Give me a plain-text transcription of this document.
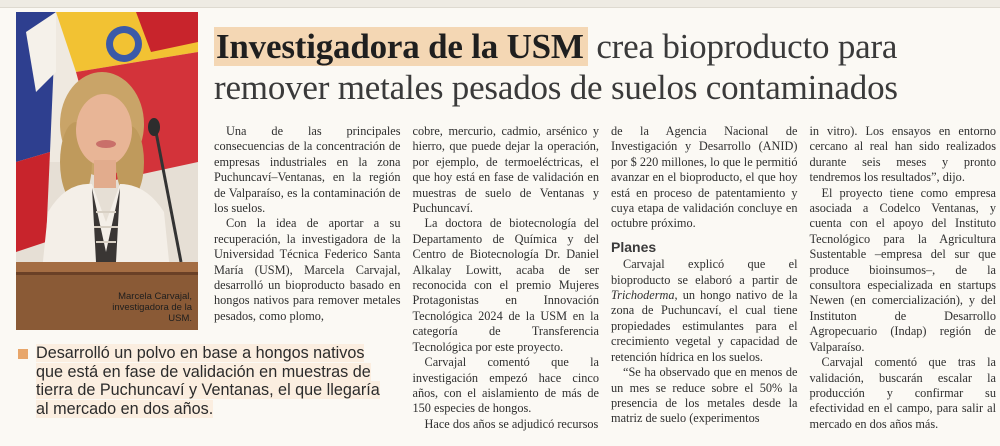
Marcela Carvajal, investigadora de la USM.
Investigadora de la USM crea bioproducto para remover metales pesados de suelos contaminados

Una de las principales consecuencias de la concentración de empresas industriales en la zona Puchuncaví–Ventanas, en la región de Valparaíso, es la contaminación de los suelos.

Con la idea de aportar a su recuperación, la investigadora de la Universidad Técnica Federico Santa María (USM), Marcela Carvajal, desarrolló un bioproducto basado en hongos nativos para remover metales pesados, como plomo,

cobre, mercurio, cadmio, arsénico y hierro, que puede dejar la operación, por ejemplo, de termoeléctricas, el que hoy está en fase de validación en muestras de suelo de Ventanas y Puchuncaví.

La doctora de biotecnología del Departamento de Química y del Centro de Biotecnología Dr. Daniel Alkalay Lowitt, acaba de ser reconocida con el premio Mujeres Protagonistas en Innovación Tecnológica 2024 de la USM en la categoría de Transferencia Tecnológica por este proyecto.

Carvajal comentó que la investigación empezó hace cinco años, con el aislamiento de más de 150 especies de hongos.

Hace dos años se adjudicó recursos

de la Agencia Nacional de Investigación y Desarrollo (ANID) por $ 220 millones, lo que le permitió avanzar en el bioproducto, el que hoy está en proceso de patentamiento y cuya etapa de validación concluye en octubre próximo.

Planes

Carvajal explicó que el bioproducto se elaboró a partir de Trichoderma, un hongo nativo de la zona de Puchuncaví, el cual tiene propiedades estimulantes para el crecimiento vegetal y capacidad de retención hídrica en los suelos.

“Se ha observado que en menos de un mes se reduce sobre el 50% la presencia de los metales desde la matriz de suelo (experimentos

in vitro). Los ensayos en entorno cercano al real han sido realizados durante seis meses y pronto tendremos los resultados”, dijo.

El proyecto tiene como empresa asociada a Codelco Ventanas, y cuenta con el apoyo del Instituto Tecnológico para la Agricultura Sustentable –empresa del sur que produce bioinsumos–, de la consultora especializada en startups Newen (en comercialización), y del Instituton de Desarrollo Agropecuario (Indap) región de Valparaíso.

Carvajal comentó que tras la validación, buscarán escalar la producción y confirmar su efectividad en el campo, para salir al mercado en dos años más.

Desarrolló un polvo en base a hongos nativos que está en fase de validación en muestras de tierra de Puchuncaví y Ventanas, el que llegaría al mercado en dos años.
